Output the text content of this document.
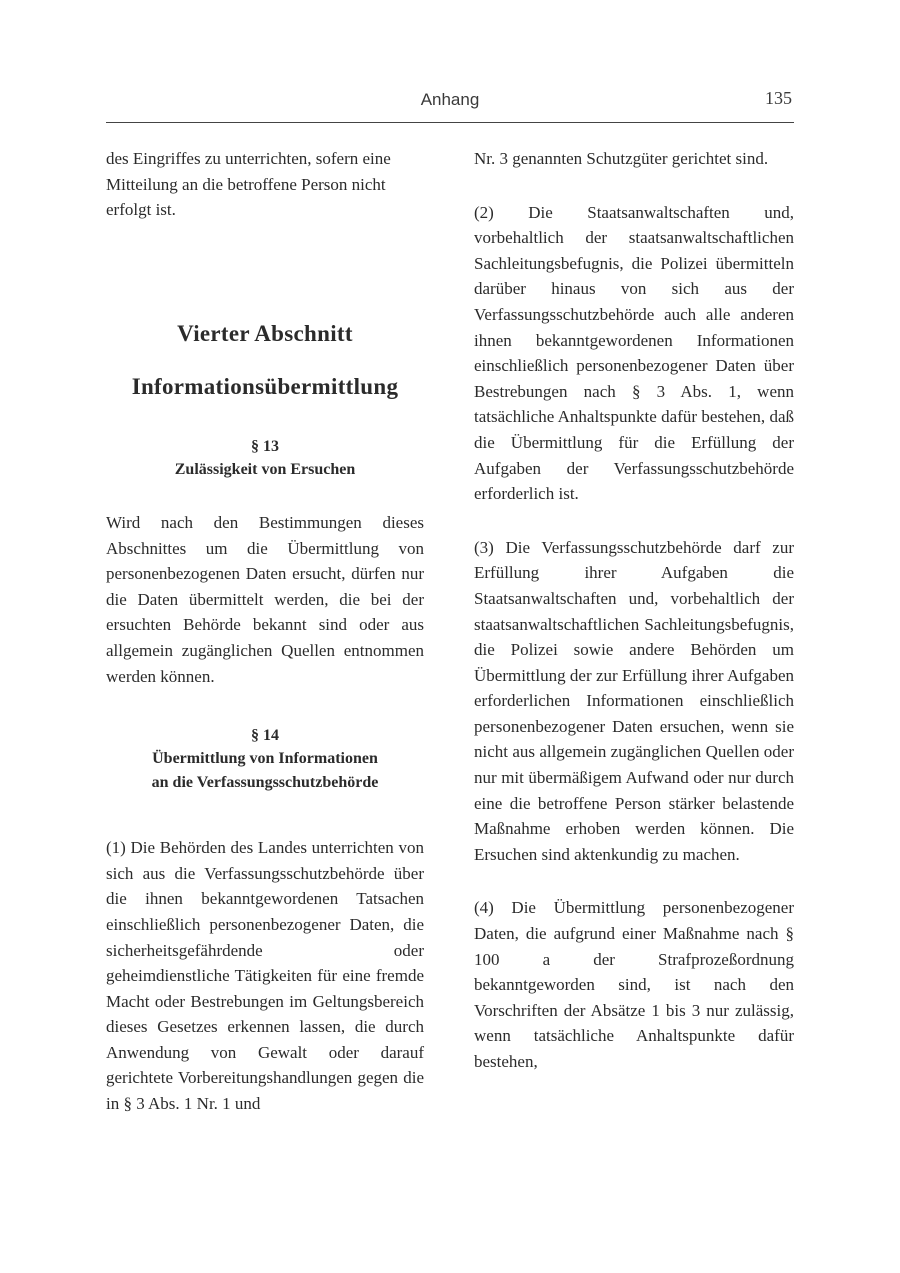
Anhang	135

des Eingriffes zu unterrichten, sofern eine Mitteilung an die betroffene Person nicht erfolgt ist.

Vierter Abschnitt

Informationsübermittlung

§ 13

Zulässigkeit von Ersuchen

Wird nach den Bestimmungen dieses Abschnittes um die Übermittlung von personenbezogenen Daten ersucht, dürfen nur die Daten übermittelt werden, die bei der ersuchten Behörde bekannt sind oder aus allgemein zugänglichen Quellen entnommen werden können.

§ 14

Übermittlung von Informationen

an die Verfassungsschutzbehörde

(1) Die Behörden des Landes unterrichten von sich aus die Verfassungsschutzbehörde über die ihnen bekanntgewordenen Tatsachen einschließlich personenbezogener Daten, die sicherheitsgefährdende oder geheimdienstliche Tätigkeiten für eine fremde Macht oder Bestrebungen im Geltungsbereich dieses Gesetzes erkennen lassen, die durch Anwendung von Gewalt oder darauf gerichtete Vorbereitungshandlungen gegen die in § 3 Abs. 1 Nr. 1 und

Nr. 3 genannten Schutzgüter gerichtet sind.

(2) Die Staatsanwaltschaften und, vorbehaltlich der staatsanwaltschaftlichen Sachleitungsbefugnis, die Polizei übermitteln darüber hinaus von sich aus der Verfassungsschutzbehörde auch alle anderen ihnen bekanntgewordenen Informationen einschließlich personenbezogener Daten über Bestrebungen nach § 3 Abs. 1, wenn tatsächliche Anhaltspunkte dafür bestehen, daß die Übermittlung für die Erfüllung der Aufgaben der Verfassungsschutzbehörde erforderlich ist.

(3) Die Verfassungsschutzbehörde darf zur Erfüllung ihrer Aufgaben die Staatsanwaltschaften und, vorbehaltlich der staatsanwaltschaftlichen Sachleitungsbefugnis, die Polizei sowie andere Behörden um Übermittlung der zur Erfüllung ihrer Aufgaben erforderlichen Informationen einschließlich personenbezogener Daten ersuchen, wenn sie nicht aus allgemein zugänglichen Quellen oder nur mit übermäßigem Aufwand oder nur durch eine die betroffene Person stärker belastende Maßnahme erhoben werden können. Die Ersuchen sind aktenkundig zu machen.

(4) Die Übermittlung personenbezogener Daten, die aufgrund einer Maßnahme nach § 100 a der Strafprozeßordnung bekanntgeworden sind, ist nach den Vorschriften der Absätze 1 bis 3 nur zulässig, wenn tatsächliche Anhaltspunkte dafür bestehen,
